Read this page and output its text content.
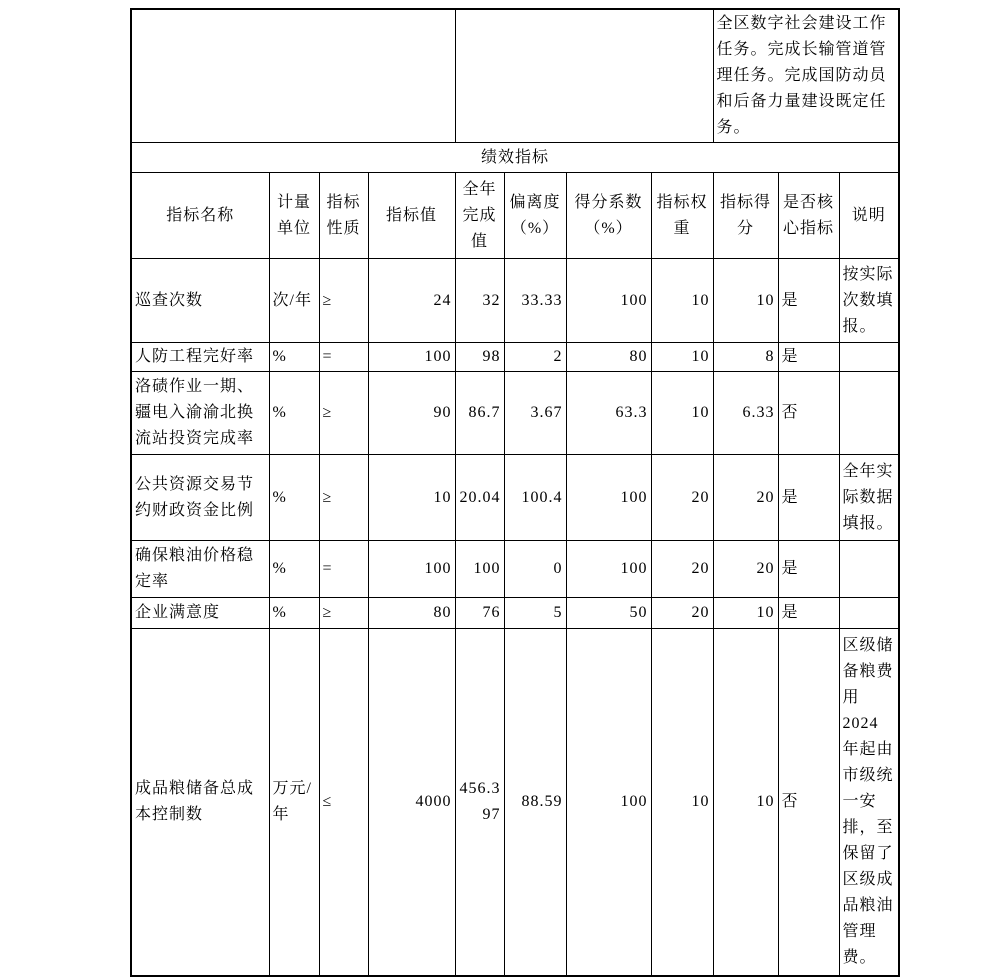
								全区数字社会建设工作任务。完成长输管道管理任务。完成国防动员和后备力量建设既定任务。		
绩效指标										
指标名称	计量单位	指标性质	指标值	全年完成值	偏离度（%）	得分系数（%）	指标权重	指标得分	是否核心指标	说明
巡查次数	次/年	≥	24	32	33.33	100	10	10	是	按实际次数填报。
人防工程完好率	%	=	100	98	2	80	10	8	是	
洛碛作业一期、疆电入渝渝北换流站投资完成率	%	≥	90	86.7	3.67	63.3	10	6.33	否	
公共资源交易节约财政资金比例	%	≥	10	20.04	100.4	100	20	20	是	全年实际数据填报。
确保粮油价格稳定率	%	=	100	100	0	100	20	20	是	
企业满意度	%	≥	80	76	5	50	20	10	是	
成品粮储备总成本控制数	万元/年	≤	4000	456.397	88.59	100	10	10	否	区级储备粮费用2024年起由市级统一安排，至保留了区级成品粮油管理费。
